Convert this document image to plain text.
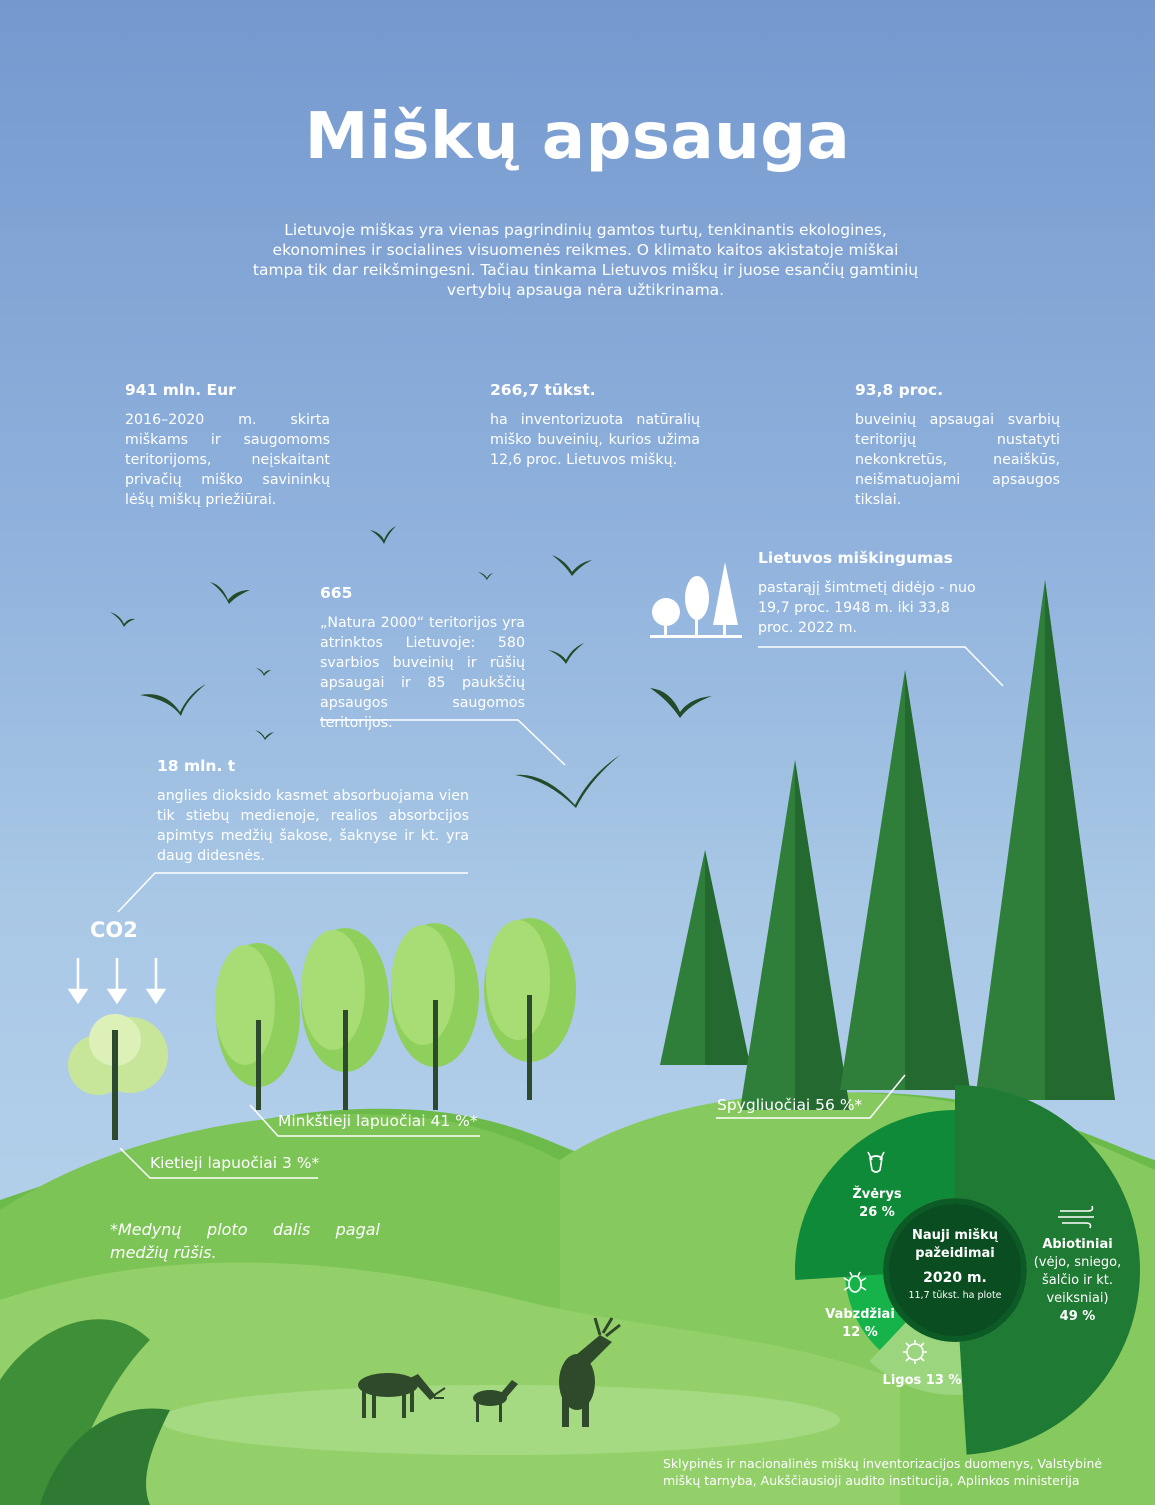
Miškų apsauga
Lietuvoje miškas yra vienas pagrindinių gamtos turtų, tenkinantis ekologines, ekonomines ir socialines visuomenės reikmes. O klimato kaitos akistatoje miškai tampa tik dar reikšmingesni. Tačiau tinkama Lietuvos miškų ir juose esančių gamtinių vertybių apsauga nėra užtikrinama.
941 mln. Eur
2016–2020 m. skirta miškams ir saugomoms teritorijoms, neįskaitant privačių miško savininkų lėšų miškų priežiūrai.
266,7 tūkst.
ha inventorizuota natūralių miško buveinių, kurios užima 12,6 proc. Lietuvos miškų.
93,8 proc.
buveinių apsaugai svarbių teritorijų nustatyti nekonkretūs, neaiškūs, neišmatuojami apsaugos tikslai.
665
„Natura 2000“ teritorijos yra atrinktos Lietuvoje: 580 svarbios buveinių ir rūšių apsaugai ir 85 paukščių apsaugos saugomos teritorijos.
Lietuvos miškingumas
pastarąjį šimtmetį didėjo - nuo 19,7 proc. 1948 m. iki 33,8 proc. 2022 m.
18 mln. t
anglies dioksido kasmet absorbuojama vien tik stiebų medienoje, realios absorbcijos apimtys medžių šakose, šaknyse ir kt. yra daug didesnės.
CO2
Minkštieji lapuočiai 41 %*
Kietieji lapuočiai 3 %*
Spygliuočiai 56 %*
*Medynų ploto dalis pagal medžių rūšis.
Nauji miškų pažeidimai
2020 m.
11,7 tūkst. ha plote
Abiotiniai
(vėjo, sniego, šalčio ir kt. veiksniai)
49 %
Ligos 13 %
Vabzdžiai
12 %
Žvėrys
26 %
Sklypinės ir nacionalinės miškų inventorizacijos duomenys, Valstybinė miškų tarnyba, Aukščiausioji audito institucija, Aplinkos ministerija
